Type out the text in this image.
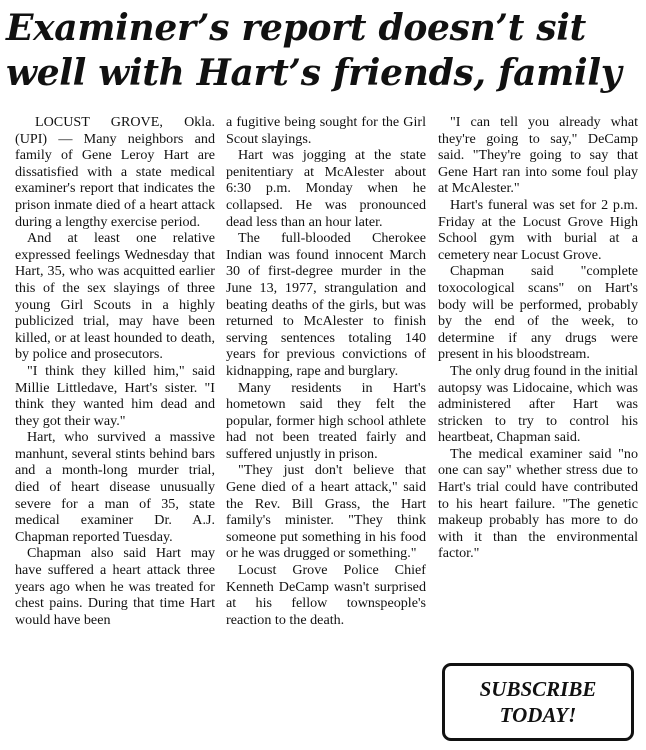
Examiner’s report doesn’t sit
well with Hart’s friends, family

LOCUST GROVE, Okla. (UPI) — Many neighbors and family of Gene Leroy Hart are dissatisfied with a state medical examiner's report that indicates the prison inmate died of a heart attack during a lengthy exercise period.

And at least one relative expressed feelings Wednesday that Hart, 35, who was acquitted earlier this of the sex slayings of three young Girl Scouts in a highly publicized trial, may have been killed, or at least hounded to death, by police and prosecutors.

"I think they killed him," said Millie Littledave, Hart's sister. "I think they wanted him dead and they got their way."

Hart, who survived a massive manhunt, several stints behind bars and a month-long murder trial, died of heart disease unusually severe for a man of 35, state medical examiner Dr. A.J. Chapman reported Tuesday.

Chapman also said Hart may have suffered a heart attack three years ago when he was treated for chest pains. During that time Hart would have been

a fugitive being sought for the Girl Scout slayings.

Hart was jogging at the state penitentiary at McAlester about 6:30 p.m. Monday when he collapsed. He was pronounced dead less than an hour later.

The full-blooded Cherokee Indian was found innocent March 30 of first-degree murder in the June 13, 1977, strangulation and beating deaths of the girls, but was returned to McAlester to finish serving sentences totaling 140 years for previous convictions of kidnapping, rape and burglary.

Many residents in Hart's hometown said they felt the popular, former high school athlete had not been treated fairly and suffered unjustly in prison.

"They just don't believe that Gene died of a heart attack," said the Rev. Bill Grass, the Hart family's minister. "They think someone put something in his food or he was drugged or something."

Locust Grove Police Chief Kenneth DeCamp wasn't surprised at his fellow townspeople's reaction to the death.

"I can tell you already what they're going to say," DeCamp said. "They're going to say that Gene Hart ran into some foul play at McAlester."

Hart's funeral was set for 2 p.m. Friday at the Locust Grove High School gym with burial at a cemetery near Locust Grove.

Chapman said "complete toxocological scans" on Hart's body will be performed, probably by the end of the week, to determine if any drugs were present in his bloodstream.

The only drug found in the initial autopsy was Lidocaine, which was administered after Hart was stricken to try to control his heartbeat, Chapman said.

The medical examiner said "no one can say" whether stress due to Hart's trial could have contributed to his heart failure. "The genetic makeup probably has more to do with it than the environmental factor."

SUBSCRIBE
TODAY!
